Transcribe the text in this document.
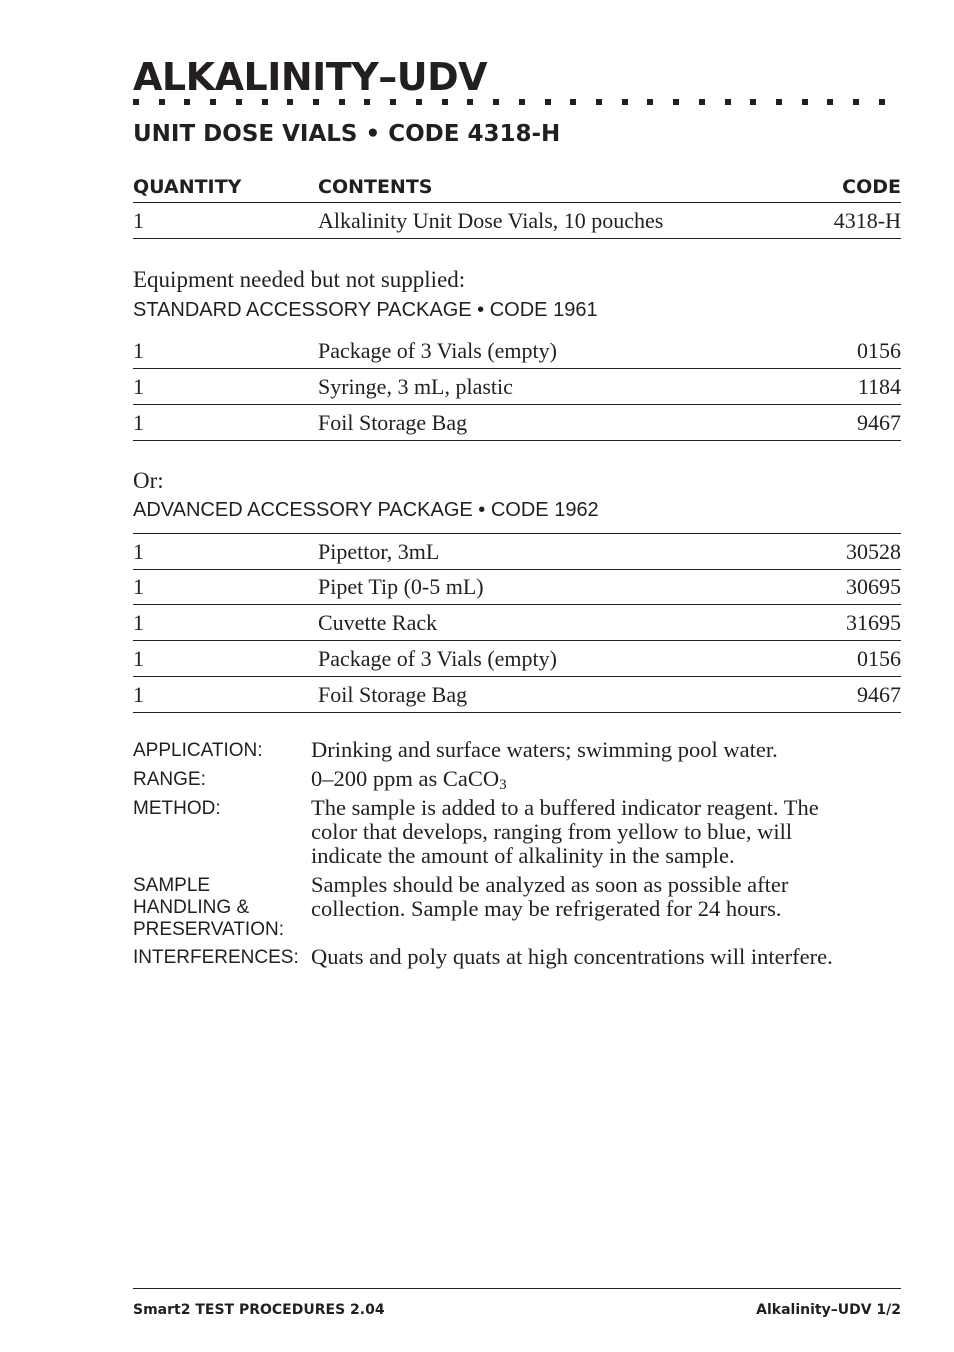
ALKALINITY–UDV
UNIT DOSE VIALS • CODE 4318-H
QUANTITY	CONTENTS	CODE
1	Alkalinity Unit Dose Vials, 10 pouches	4318-H
Equipment needed but not supplied:
STANDARD ACCESSORY PACKAGE • CODE 1961
1	Package of 3 Vials (empty)	0156
1	Syringe, 3 mL, plastic	1184
1	Foil Storage Bag	9467
Or:
ADVANCED ACCESSORY PACKAGE • CODE 1962
1	Pipettor, 3mL	30528
1	Pipet Tip (0-5 mL)	30695
1	Cuvette Rack	31695
1	Package of 3 Vials (empty)	0156
1	Foil Storage Bag	9467
APPLICATION:	Drinking and surface waters; swimming pool water.
RANGE:	0–200 ppm as CaCO$_3$
METHOD:	The sample is added to a buffered indicator reagent. The
color that develops, ranging from yellow to blue, will
indicate the amount of alkalinity in the sample.
SAMPLE
HANDLING &
PRESERVATION:
Samples should be analyzed as soon as possible after
collection. Sample may be refrigerated for 24 hours.
INTERFERENCES: Quats and poly quats at high concentrations will interfere.
Smart2 TEST PROCEDURES 2.04	Alkalinity–UDV 1/2
